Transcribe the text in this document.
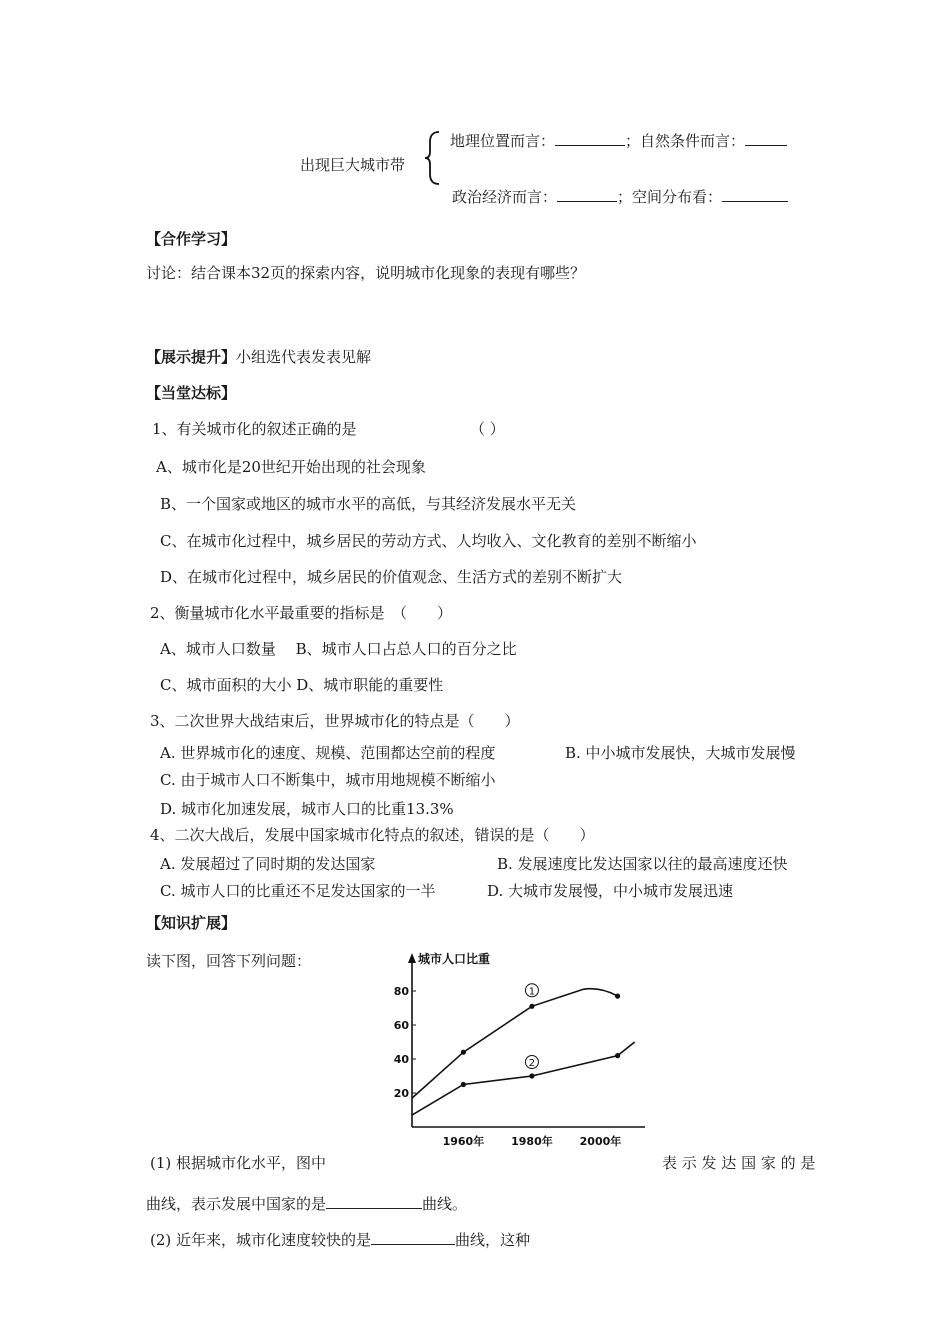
出现巨大城市带
地理位置而言：	；自然条件而言：
政治经济而言：	；空间分布看：
【合作学习】
讨论：结合课本32页的探索内容，说明城市化现象的表现有哪些？
【展示提升】小组选代表发表见解
【当堂达标】
1、有关城市化的叙述正确的是	（ ）
A、城市化是20世纪开始出现的社会现象
B、一个国家或地区的城市水平的高低，与其经济发展水平无关
C、在城市化过程中，城乡居民的劳动方式、人均收入、文化教育的差别不断缩小
D、在城市化过程中，城乡居民的价值观念、生活方式的差别不断扩大
2、衡量城市化水平最重要的指标是　（　　）
A、城市人口数量　 B、城市人口占总人口的百分之比
C、城市面积的大小 D、城市职能的重要性
3、二次世界大战结束后，世界城市化的特点是（　　）
A. 世界城市化的速度、规模、范围都达空前的程度	B. 中小城市发展快，大城市发展慢
C. 由于城市人口不断集中，城市用地规模不断缩小
D. 城市化加速发展，城市人口的比重13.3%
4、二次大战后，发展中国家城市化特点的叙述，错误的是（　　）
A. 发展超过了同时期的发达国家	B. 发展速度比发达国家以往的最高速度还快
C. 城市人口的比重还不足发达国家的一半	D. 大城市发展慢，中小城市发展迅速
【知识扩展】
读下图，回答下列问题：	城市人口比重
20
40
60
80
1960年 1980年 2000年
1
2
(1) 根据城市化水平，图中	表 示 发 达 国 家 的 是
曲线，表示发展中国家的是	曲线。
(2) 近年来，城市化速度较快的是	曲线，这种
